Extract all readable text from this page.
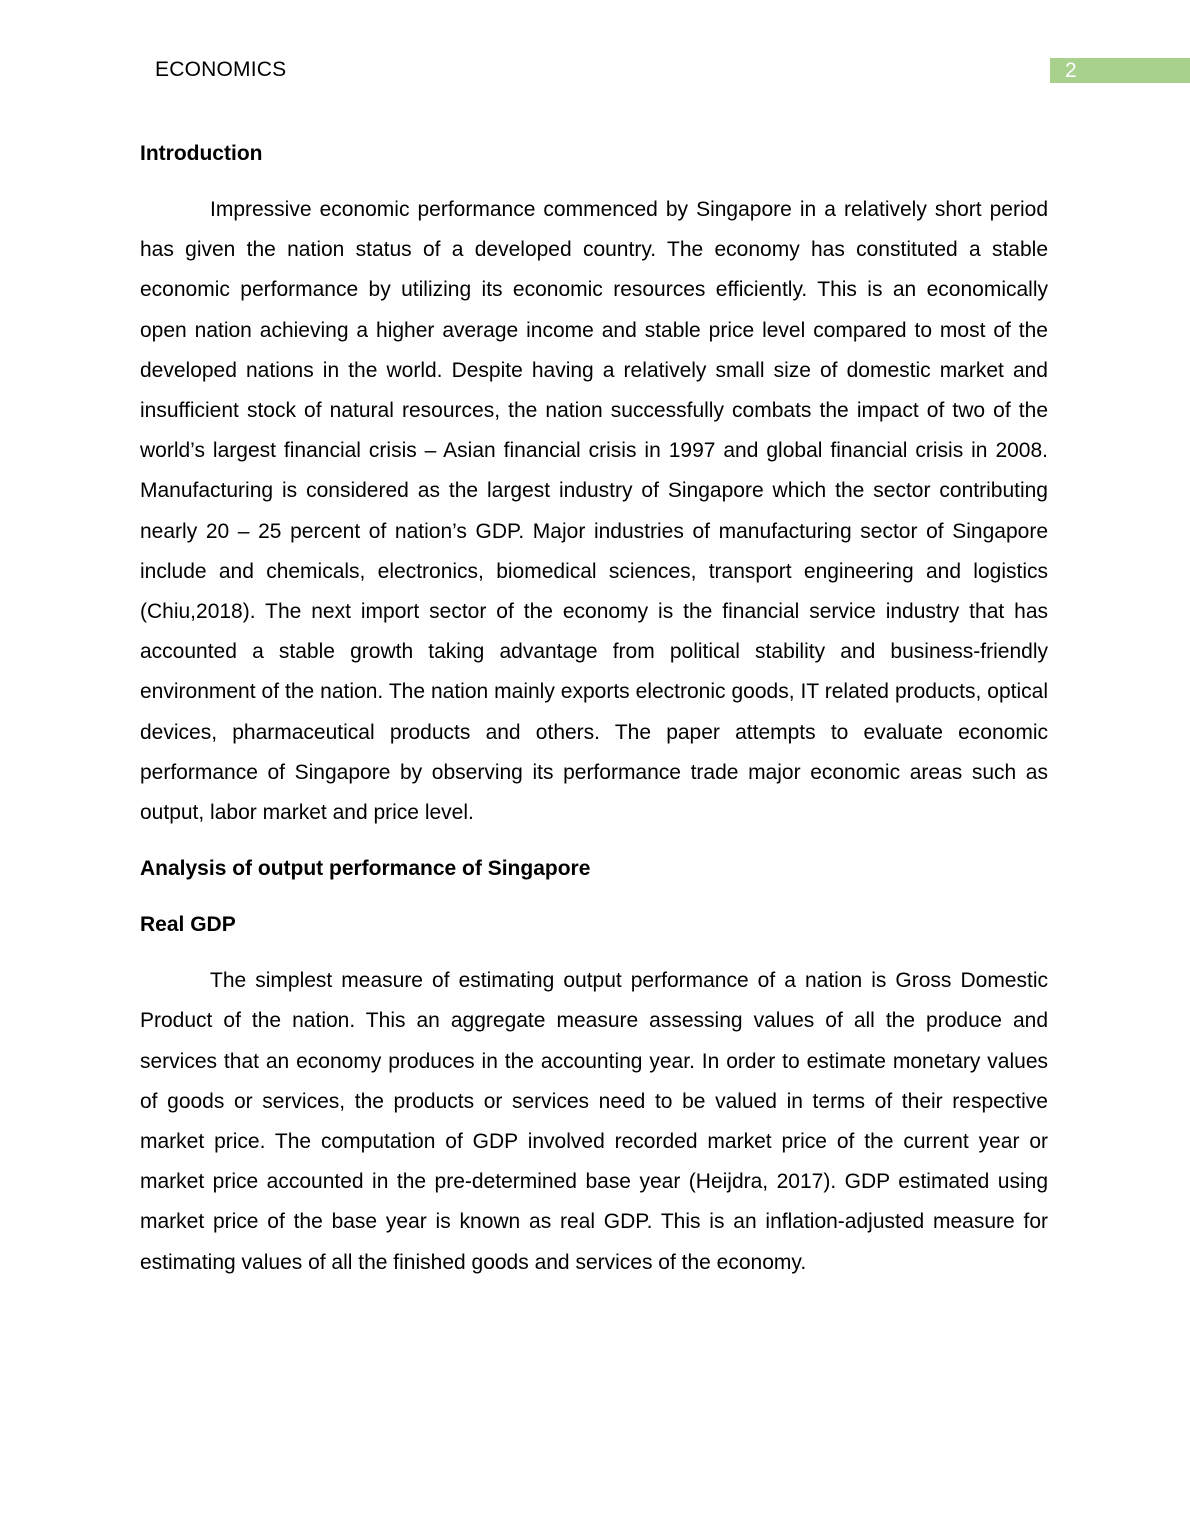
ECONOMICS	2
Introduction

Impressive economic performance commenced by Singapore in a relatively short period has given the nation status of a developed country. The economy has constituted a stable economic performance by utilizing its economic resources efficiently. This is an economically open nation achieving a higher average income and stable price level compared to most of the developed nations in the world. Despite having a relatively small size of domestic market and insufficient stock of natural resources, the nation successfully combats the impact of two of the world’s largest financial crisis – Asian financial crisis in 1997 and global financial crisis in 2008. Manufacturing is considered as the largest industry of Singapore which the sector contributing nearly 20 – 25 percent of nation’s GDP. Major industries of manufacturing sector of Singapore include and chemicals, electronics, biomedical sciences, transport engineering and logistics (Chiu,2018). The next import sector of the economy is the financial service industry that has accounted a stable growth taking advantage from political stability and business-friendly environment of the nation. The nation mainly exports electronic goods, IT related products, optical devices, pharmaceutical products and others. The paper attempts to evaluate economic performance of Singapore by observing its performance trade major economic areas such as output, labor market and price level.

Analysis of output performance of Singapore
Real GDP

The simplest measure of estimating output performance of a nation is Gross Domestic Product of the nation. This an aggregate measure assessing values of all the produce and services that an economy produces in the accounting year. In order to estimate monetary values of goods or services, the products or services need to be valued in terms of their respective market price. The computation of GDP involved recorded market price of the current year or market price accounted in the pre-determined base year (Heijdra, 2017). GDP estimated using market price of the base year is known as real GDP. This is an inflation-adjusted measure for estimating values of all the finished goods and services of the economy.
